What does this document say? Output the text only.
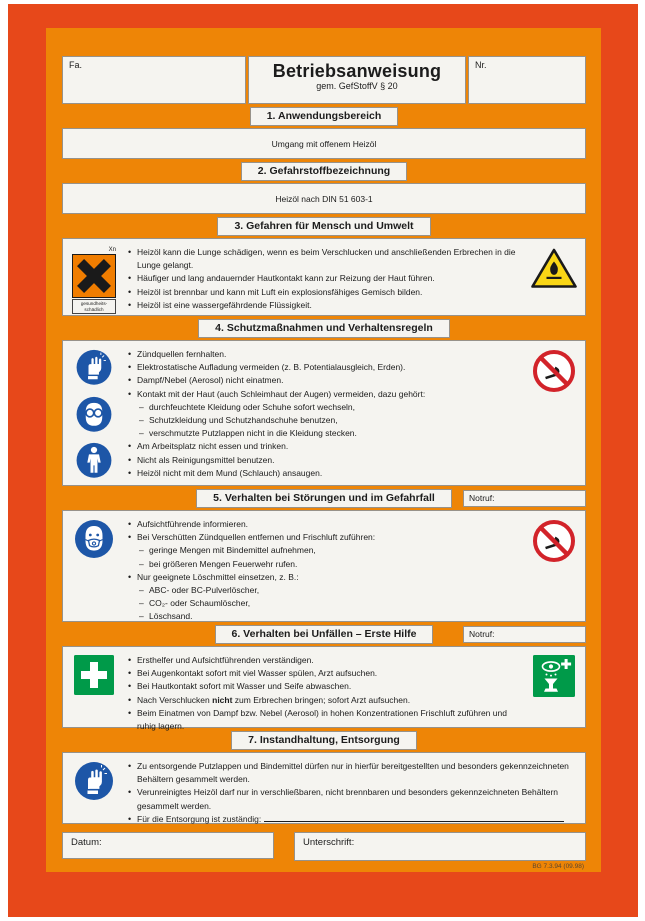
Fa.	Betriebsanweisung
gem. GefStoffV § 20
Nr.
1. Anwendungsbereich
Umgang mit offenem Heizöl
2. Gefahrstoffbezeichnung
Heizöl nach DIN 51 603-1
3. Gefahren für Mensch und Umwelt
Xn
gesundheits-
schädlich
• Heizöl kann die Lunge schädigen, wenn es beim Verschlucken und anschließenden Erbrechen in die Lunge gelangt.
• Häufiger und lang andauernder Hautkontakt kann zur Reizung der Haut führen.
• Heizöl ist brennbar und kann mit Luft ein explosionsfähiges Gemisch bilden.
• Heizöl ist eine wassergefährdende Flüssigkeit.
4. Schutzmaßnahmen und Verhaltensregeln
• Zündquellen fernhalten.
• Elektrostatische Aufladung vermeiden (z. B. Potentialausgleich, Erden).
• Dampf/Nebel (Aerosol) nicht einatmen.
• Kontakt mit der Haut (auch Schleimhaut der Augen) vermeiden, dazu gehört:
– durchfeuchtete Kleidung oder Schuhe sofort wechseln,
– Schutzkleidung und Schutzhandschuhe benutzen,
– verschmutzte Putzlappen nicht in die Kleidung stecken.
• Am Arbeitsplatz nicht essen und trinken.
• Nicht als Reinigungsmittel benutzen.
• Heizöl nicht mit dem Mund (Schlauch) ansaugen.
5. Verhalten bei Störungen und im Gefahrfall	Notruf:
• Aufsichtführende informieren.
• Bei Verschütten Zündquellen entfernen und Frischluft zuführen:
– geringe Mengen mit Bindemittel aufnehmen,
– bei größeren Mengen Feuerwehr rufen.
• Nur geeignete Löschmittel einsetzen, z. B.:
– ABC- oder BC-Pulverlöscher,
– CO₂- oder Schaumlöscher,
– Löschsand.
6. Verhalten bei Unfällen – Erste Hilfe	Notruf:
• Ersthelfer und Aufsichtführenden verständigen.
• Bei Augenkontakt sofort mit viel Wasser spülen, Arzt aufsuchen.
• Bei Hautkontakt sofort mit Wasser und Seife abwaschen.
• Nach Verschlucken nicht zum Erbrechen bringen; sofort Arzt aufsuchen.
• Beim Einatmen von Dampf bzw. Nebel (Aerosol) in hohen Konzentrationen Frischluft zuführen und ruhig lagern.
7. Instandhaltung, Entsorgung
• Zu entsorgende Putzlappen und Bindemittel dürfen nur in hierfür bereitgestellten und besonders gekennzeichneten Behältern gesammelt werden.
• Verunreinigtes Heizöl darf nur in verschließbaren, nicht brennbaren und besonders gekennzeichneten Behältern gesammelt werden.
• Für die Entsorgung ist zuständig:
Datum:	Unterschrift:
BG 7.3.94 (09.98)
